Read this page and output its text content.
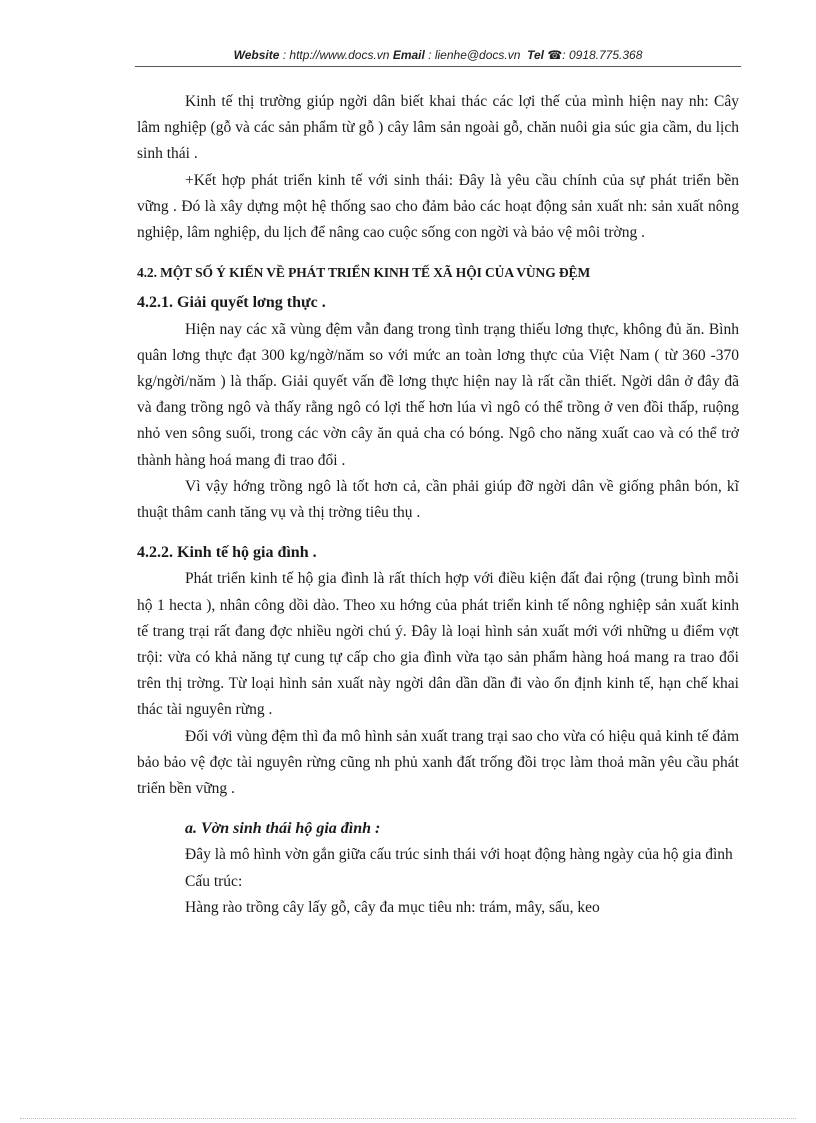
Website : http://www.docs.vn Email : lienhe@docs.vn Tel ☎: 0918.775.368

Kinh tế thị trường giúp ngời dân biết khai thác các lợi thế của mình hiện nay nh: Cây lâm nghiệp (gỗ và các sản phẩm từ gỗ ) cây lâm sản ngoài gỗ, chăn nuôi gia súc gia cầm, du lịch sinh thái .

+Kết hợp phát triển kinh tế với sinh thái: Đây là yêu cầu chính của sự phát triển bền vững . Đó là xây dựng một hệ thống sao cho đảm bảo các hoạt động sản xuất nh: sản xuất nông nghiệp, lâm nghiệp, du lịch để nâng cao cuộc sống con ngời và bảo vệ môi trờng .

4.2. MỘT SỐ Ý KIẾN VỀ PHÁT TRIỂN KINH TẾ XÃ HỘI CỦA VÙNG ĐỆM

4.2.1. Giải quyết lơng thực .

Hiện nay các xã vùng đệm vẫn đang trong tình trạng thiếu lơng thực, không đủ ăn. Bình quân lơng thực đạt 300 kg/ngờ/năm so với mức an toàn lơng thực của Việt Nam ( từ 360 -370 kg/ngời/năm ) là thấp. Giải quyết vấn đề lơng thực hiện nay là rất cần thiết. Ngời dân ở đây đã và đang trồng ngô và thấy rằng ngô có lợi thế hơn lúa vì ngô có thể trồng ở ven đồi thấp, ruộng nhỏ ven sông suối, trong các vờn cây ăn quả cha có bóng. Ngô cho năng xuất cao và có thể trở thành hàng hoá mang đi trao đổi .

Vì vậy hớng trồng ngô là tốt hơn cả, cần phải giúp đỡ ngời dân về giống phân bón, kĩ thuật thâm canh tăng vụ và thị trờng tiêu thụ .

4.2.2. Kinh tế hộ gia đình .

Phát triển kinh tế hộ gia đình là rất thích hợp với điều kiện đất đai rộng (trung bình mỗi hộ 1 hecta ), nhân công dồi dào. Theo xu hớng của phát triển kinh tế nông nghiệp sản xuất kinh tế trang trại rất đang đợc nhiều ngời chú ý. Đây là loại hình sản xuất mới với những u điểm vợt trội: vừa có khả năng tự cung tự cấp cho gia đình vừa tạo sản phẩm hàng hoá mang ra trao đổi trên thị trờng. Từ loại hình sản xuất này ngời dân dần dần đi vào ổn định kinh tế, hạn chế khai thác tài nguyên rừng .

Đối với vùng đệm thì đa mô hình sản xuất trang trại sao cho vừa có hiệu quả kinh tế đảm bảo bảo vệ đợc tài nguyên rừng cũng nh phủ xanh đất trống đồi trọc làm thoả mãn yêu cầu phát triển bền vững .

a. Vờn sinh thái hộ gia đình :

Đây là mô hình vờn gắn giữa cấu trúc sinh thái với hoạt động hàng ngày của hộ gia đình

Cấu trúc:

Hàng rào trồng cây lấy gỗ, cây đa mục tiêu nh: trám, mây, sấu, keo
